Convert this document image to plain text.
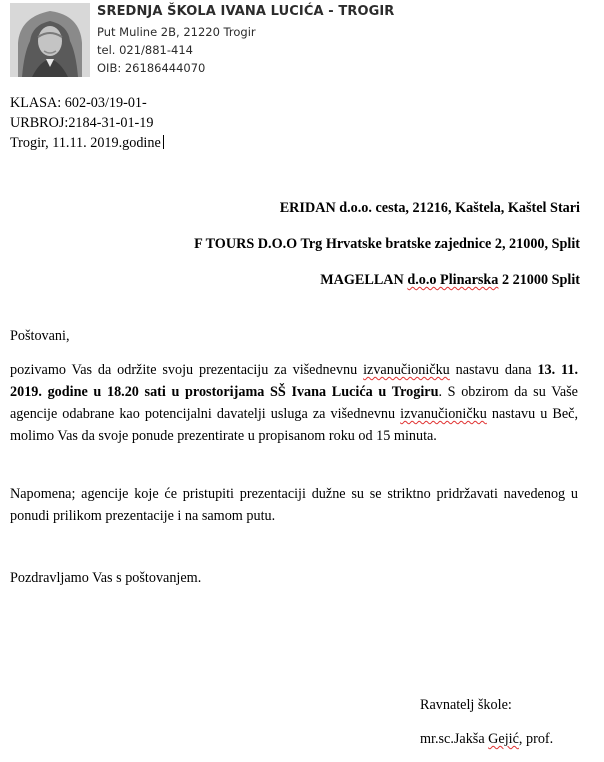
SREDNJA ŠKOLA IVANA LUCIĆA - TROGIR
Put Muline 2B, 21220 Trogir
tel. 021/881-414
OIB: 26186444070
KLASA: 602-03/19-01-
URBROJ:2184-31-01-19
Trogir, 11.11. 2019.godine
ERIDAN d.o.o. cesta, 21216, Kaštela, Kaštel Stari
F TOURS D.O.O Trg Hrvatske bratske zajednice 2, 21000, Split
MAGELLAN d.o.o Plinarska 2 21000 Split
Poštovani,
pozivamo Vas da održite svoju prezentaciju za višednevnu izvanučioničku nastavu dana 13. 11. 2019. godine u 18.20 sati u prostorijama SŠ Ivana Lucića u Trogiru. S obzirom da su Vaše agencije odabrane kao potencijalni davatelji usluga za višednevnu izvanučioničku nastavu u Beč, molimo Vas da svoje ponude prezentirate u propisanom roku od 15 minuta.
Napomena; agencije koje će pristupiti prezentaciji dužne su se striktno pridržavati navedenog u ponudi prilikom prezentacije i na samom putu.
Pozdravljamo Vas s poštovanjem.
Ravnatelj škole:
mr.sc.Jakša Gejić, prof.
